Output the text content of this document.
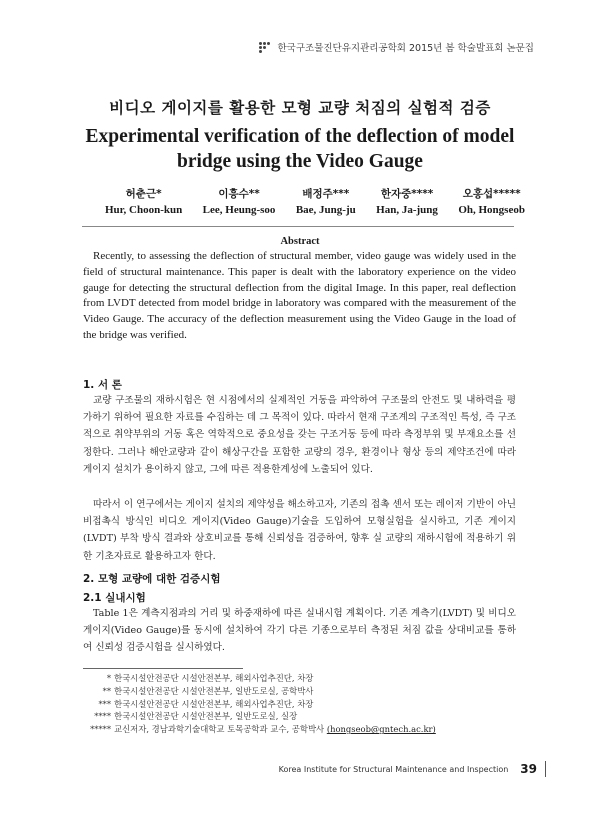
한국구조물진단유지관리공학회 2015년 봄 학술발표회 논문집
비디오 게이지를 활용한 모형 교량 처짐의 실험적 검증
Experimental verification of the deflection of model bridge using the Video Gauge
허춘근*
Hur, Choon-kun
이흥수**
Lee, Heung-soo
배정주***
Bae, Jung-ju
한자중****
Han, Ja-jung
오홍섭*****
Oh, Hongseob
Abstract
Recently, to assessing the deflection of structural member, video gauge was widely used in the field of structural maintenance. This paper is dealt with the laboratory experience on the video gauge for detecting the structural deflection from the digital Image. In this paper, real deflection from LVDT detected from model bridge in laboratory was compared with the measurement of the Video Gauge. The accuracy of the deflection measurement using the Video Gauge in the load of the bridge was verified.
1. 서 론
교량 구조물의 재하시험은 현 시점에서의 실제적인 거동을 파악하여 구조물의 안전도 및 내하력을 평가하기 위하여 필요한 자료를 수집하는 데 그 목적이 있다. 따라서 현재 구조계의 구조적인 특성, 즉 구조적으로 취약부위의 거동 혹은 역학적으로 중요성을 갖는 구조거동 등에 따라 측정부위 및 부재요소를 선정한다. 그러나 해안교량과 같이 해상구간을 포함한 교량의 경우, 환경이나 형상 등의 제약조건에 따라 게이지 설치가 용이하지 않고, 그에 따른 적용한계성에 노출되어 있다.
따라서 이 연구에서는 게이지 설치의 제약성을 해소하고자, 기존의 접촉 센서 또는 레이저 기반이 아닌 비접촉식 방식인 비디오 게이지(Video Gauge)기술을 도입하여 모형실험을 실시하고, 기존 게이지(LVDT) 부착 방식 결과와 상호비교를 통해 신뢰성을 검증하여, 향후 실 교량의 재하시험에 적용하기 위한 기초자료로 활용하고자 한다.
2. 모형 교량에 대한 검증시험
2.1 실내시험
Table 1은 계측지점과의 거리 및 하중재하에 따른 실내시험 계획이다. 기존 계측기(LVDT) 및 비디오 게이지(Video Gauge)를 동시에 설치하여 각기 다른 기종으로부터 측정된 처짐 값을 상대비교를 통하여 신뢰성 검증시험을 실시하였다.
* 한국시설안전공단 시설안전본부, 해외사업추진단, 차장
** 한국시설안전공단 시설안전본부, 일반도로실, 공학박사
*** 한국시설안전공단 시설안전본부, 해외사업추진단, 차장
**** 한국시설안전공단 시설안전본부, 일반도로실, 실장
***** 교신저자, 경남과학기술대학교 토목공학과 교수, 공학박사 (hongseob@gntech.ac.kr)
Korea Institute for Structural Maintenance and Inspection 39
